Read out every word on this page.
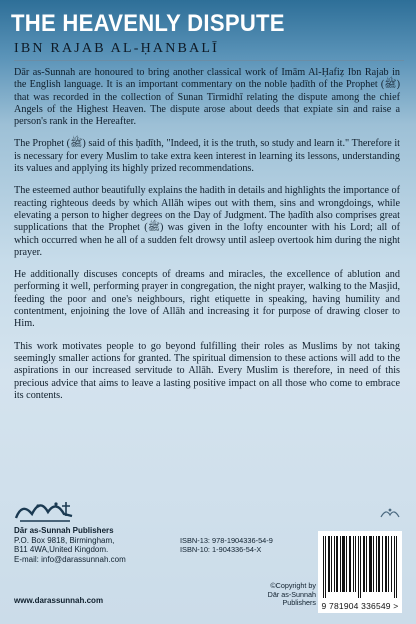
THE HEAVENLY DISPUTE
IBN RAJAB AL-ḤANBALĪ

Dār as-Sunnah are honoured to bring another classical work of Imām Al-Ḥafiẓ Ibn Rajab in the English language. It is an important commentary on the noble ḥadīth of the Prophet (ﷺ) that was recorded in the collection of Sunan Tirmidhī relating the dispute among the chief Angels of the Highest Heaven. The dispute arose about deeds that expiate sin and raise a person's rank in the Hereafter.

The Prophet (ﷺ) said of this ḥadīth, "Indeed, it is the truth, so study and learn it." Therefore it is necessary for every Muslim to take extra keen interest in learning its lessons, understanding its values and applying its highly prized recommendations.

The esteemed author beautifully explains the hadith in details and highlights the importance of reacting righteous deeds by which Allāh wipes out with them, sins and wrongdoings, while elevating a person to higher degrees on the Day of Judgment. The ḥadīth also comprises great supplications that the Prophet (ﷺ) was given in the lofty encounter with his Lord; all of which occurred when he all of a sudden felt drowsy until asleep overtook him during the night prayer.

He additionally discuses concepts of dreams and miracles, the excellence of ablution and performing it well, performing prayer in congregation, the night prayer, walking to the Masjid, feeding the poor and one's neighbours, right etiquette in speaking, having humility and contentment, enjoining the love of Allāh and increasing it for purpose of drawing closer to Him.

This work motivates people to go beyond fulfilling their roles as Muslims by not taking seemingly smaller actions for granted. The spiritual dimension to these actions will add to the aspirations in our increased servitude to Allāh. Every Muslim is therefore, in need of this precious advice that aims to leave a lasting positive impact on all those who come to embrace its contents.

Dār as-Sunnah Publishers
P.O. Box 9818, Birmingham,
B11 4WA,United Kingdom.
E-mail: info@darassunnah.com
www.darassunnah.com
ISBN-13: 978-1904336-54-9
ISBN-10: 1-904336-54-X
©Copyright by
Dār as-Sunnah Publishers 9 781904 336549 >
